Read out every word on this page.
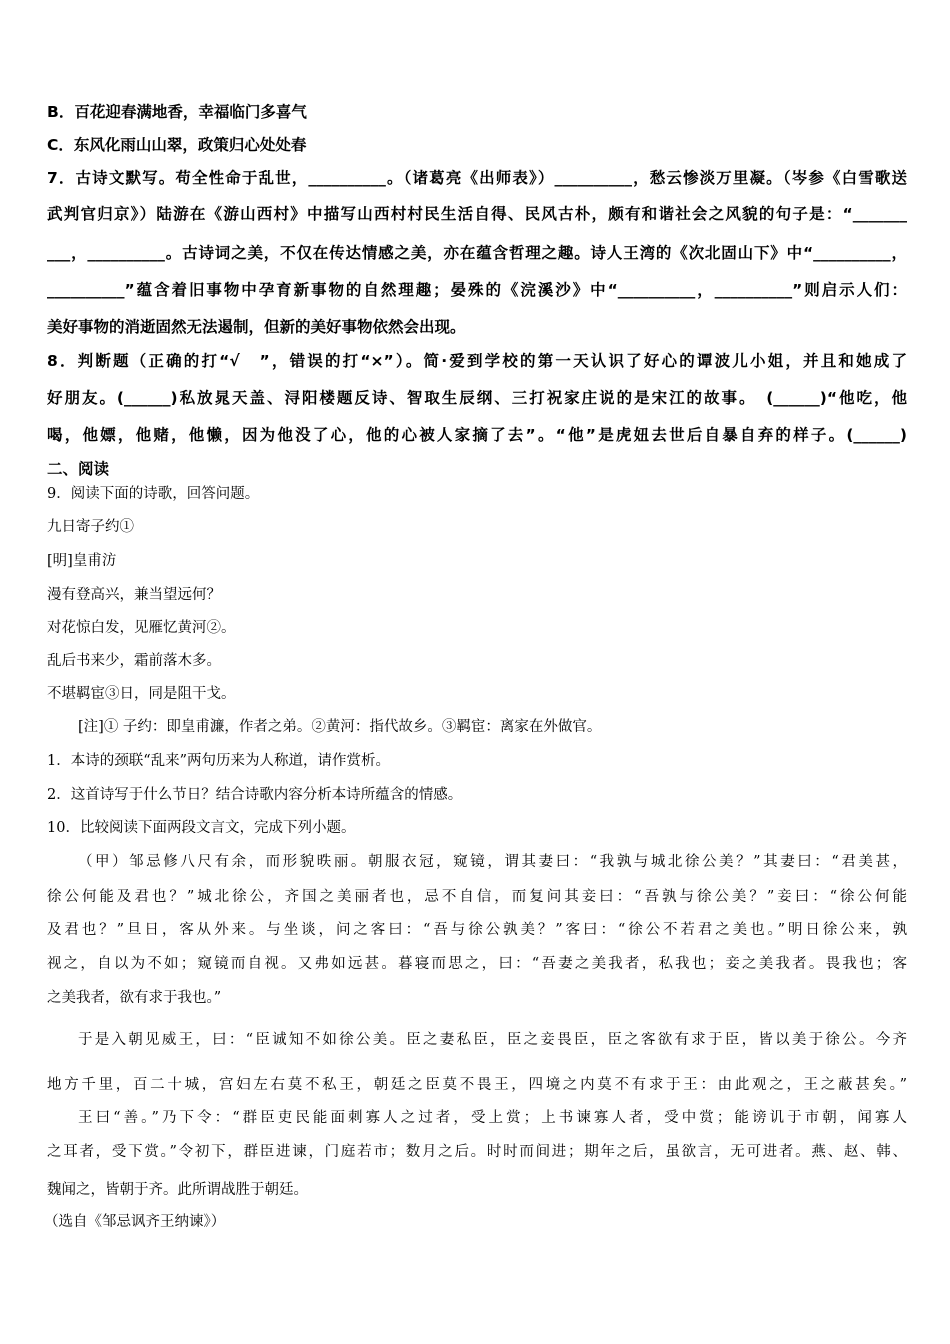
B．百花迎春满地香，幸福临门多喜气
C．东风化雨山山翠，政策归心处处春
7．古诗文默写。苟全性命于乱世，__________。（诸葛亮《出师表》）__________，愁云惨淡万里凝。（岑参《白雪歌送
武判官归京》）陆游在《游山西村》中描写山西村村民生活自得、民风古朴，颇有和谐社会之风貌的句子是：“_______
___，__________。古诗词之美，不仅在传达情感之美，亦在蕴含哲理之趣。诗人王湾的《次北固山下》中“__________，
__________”蕴含着旧事物中孕育新事物的自然理趣；晏殊的《浣溪沙》中“__________，__________”则启示人们：
美好事物的消逝固然无法遏制，但新的美好事物依然会出现。
8．判断题（正确的打“√　”，错误的打“×”）。简·爱到学校的第一天认识了好心的谭波儿小姐，并且和她成了
好朋友。(______)私放晁天盖、浔阳楼题反诗、智取生辰纲、三打祝家庄说的是宋江的故事。　(______)“他吃，他
喝，他嫖，他赌，他懒，因为他没了心，他的心被人家摘了去”。“他”是虎妞去世后自暴自弃的样子。(______)
二、阅读
9．阅读下面的诗歌，回答问题。
九日寄子约①
[明]皇甫汸
漫有登高兴，兼当望远何？
对花惊白发，见雁忆黄河②。
乱后书来少，霜前落木多。
不堪羁宦③日，同是阻干戈。
[注]① 子约：即皇甫濂，作者之弟。②黄河：指代故乡。③羁宦：离家在外做官。
1．本诗的颈联“乱来”两句历来为人称道，请作赏析。
2．这首诗写于什么节日？结合诗歌内容分析本诗所蕴含的情感。
10．比较阅读下面两段文言文，完成下列小题。
（甲）邹忌修八尺有余，而形貌昳丽。朝服衣冠，窥镜，谓其妻曰：“我孰与城北徐公美？”其妻曰：“君美甚，
徐公何能及君也？”城北徐公，齐国之美丽者也，忌不自信，而复问其妾曰：“吾孰与徐公美？”妾曰：“徐公何能
及君也？”旦日，客从外来。与坐谈，问之客曰：“吾与徐公孰美？”客曰：“徐公不若君之美也。”明日徐公来，孰
视之，自以为不如；窥镜而自视。又弗如远甚。暮寝而思之，曰：“吾妻之美我者，私我也；妾之美我者。畏我也；客
之美我者，欲有求于我也。”
于是入朝见威王，曰：“臣诚知不如徐公美。臣之妻私臣，臣之妾畏臣，臣之客欲有求于臣，皆以美于徐公。今齐
地方千里，百二十城，宫妇左右莫不私王，朝廷之臣莫不畏王，四境之内莫不有求于王：由此观之，王之蔽甚矣。”
王曰“善。”乃下令：“群臣吏民能面刺寡人之过者，受上赏；上书谏寡人者，受中赏；能谤讥于市朝，闻寡人
之耳者，受下赏。”令初下，群臣进谏，门庭若市；数月之后。时时而间进；期年之后，虽欲言，无可进者。燕、赵、韩、
魏闻之，皆朝于齐。此所谓战胜于朝廷。
（选自《邹忌讽齐王纳谏》）
